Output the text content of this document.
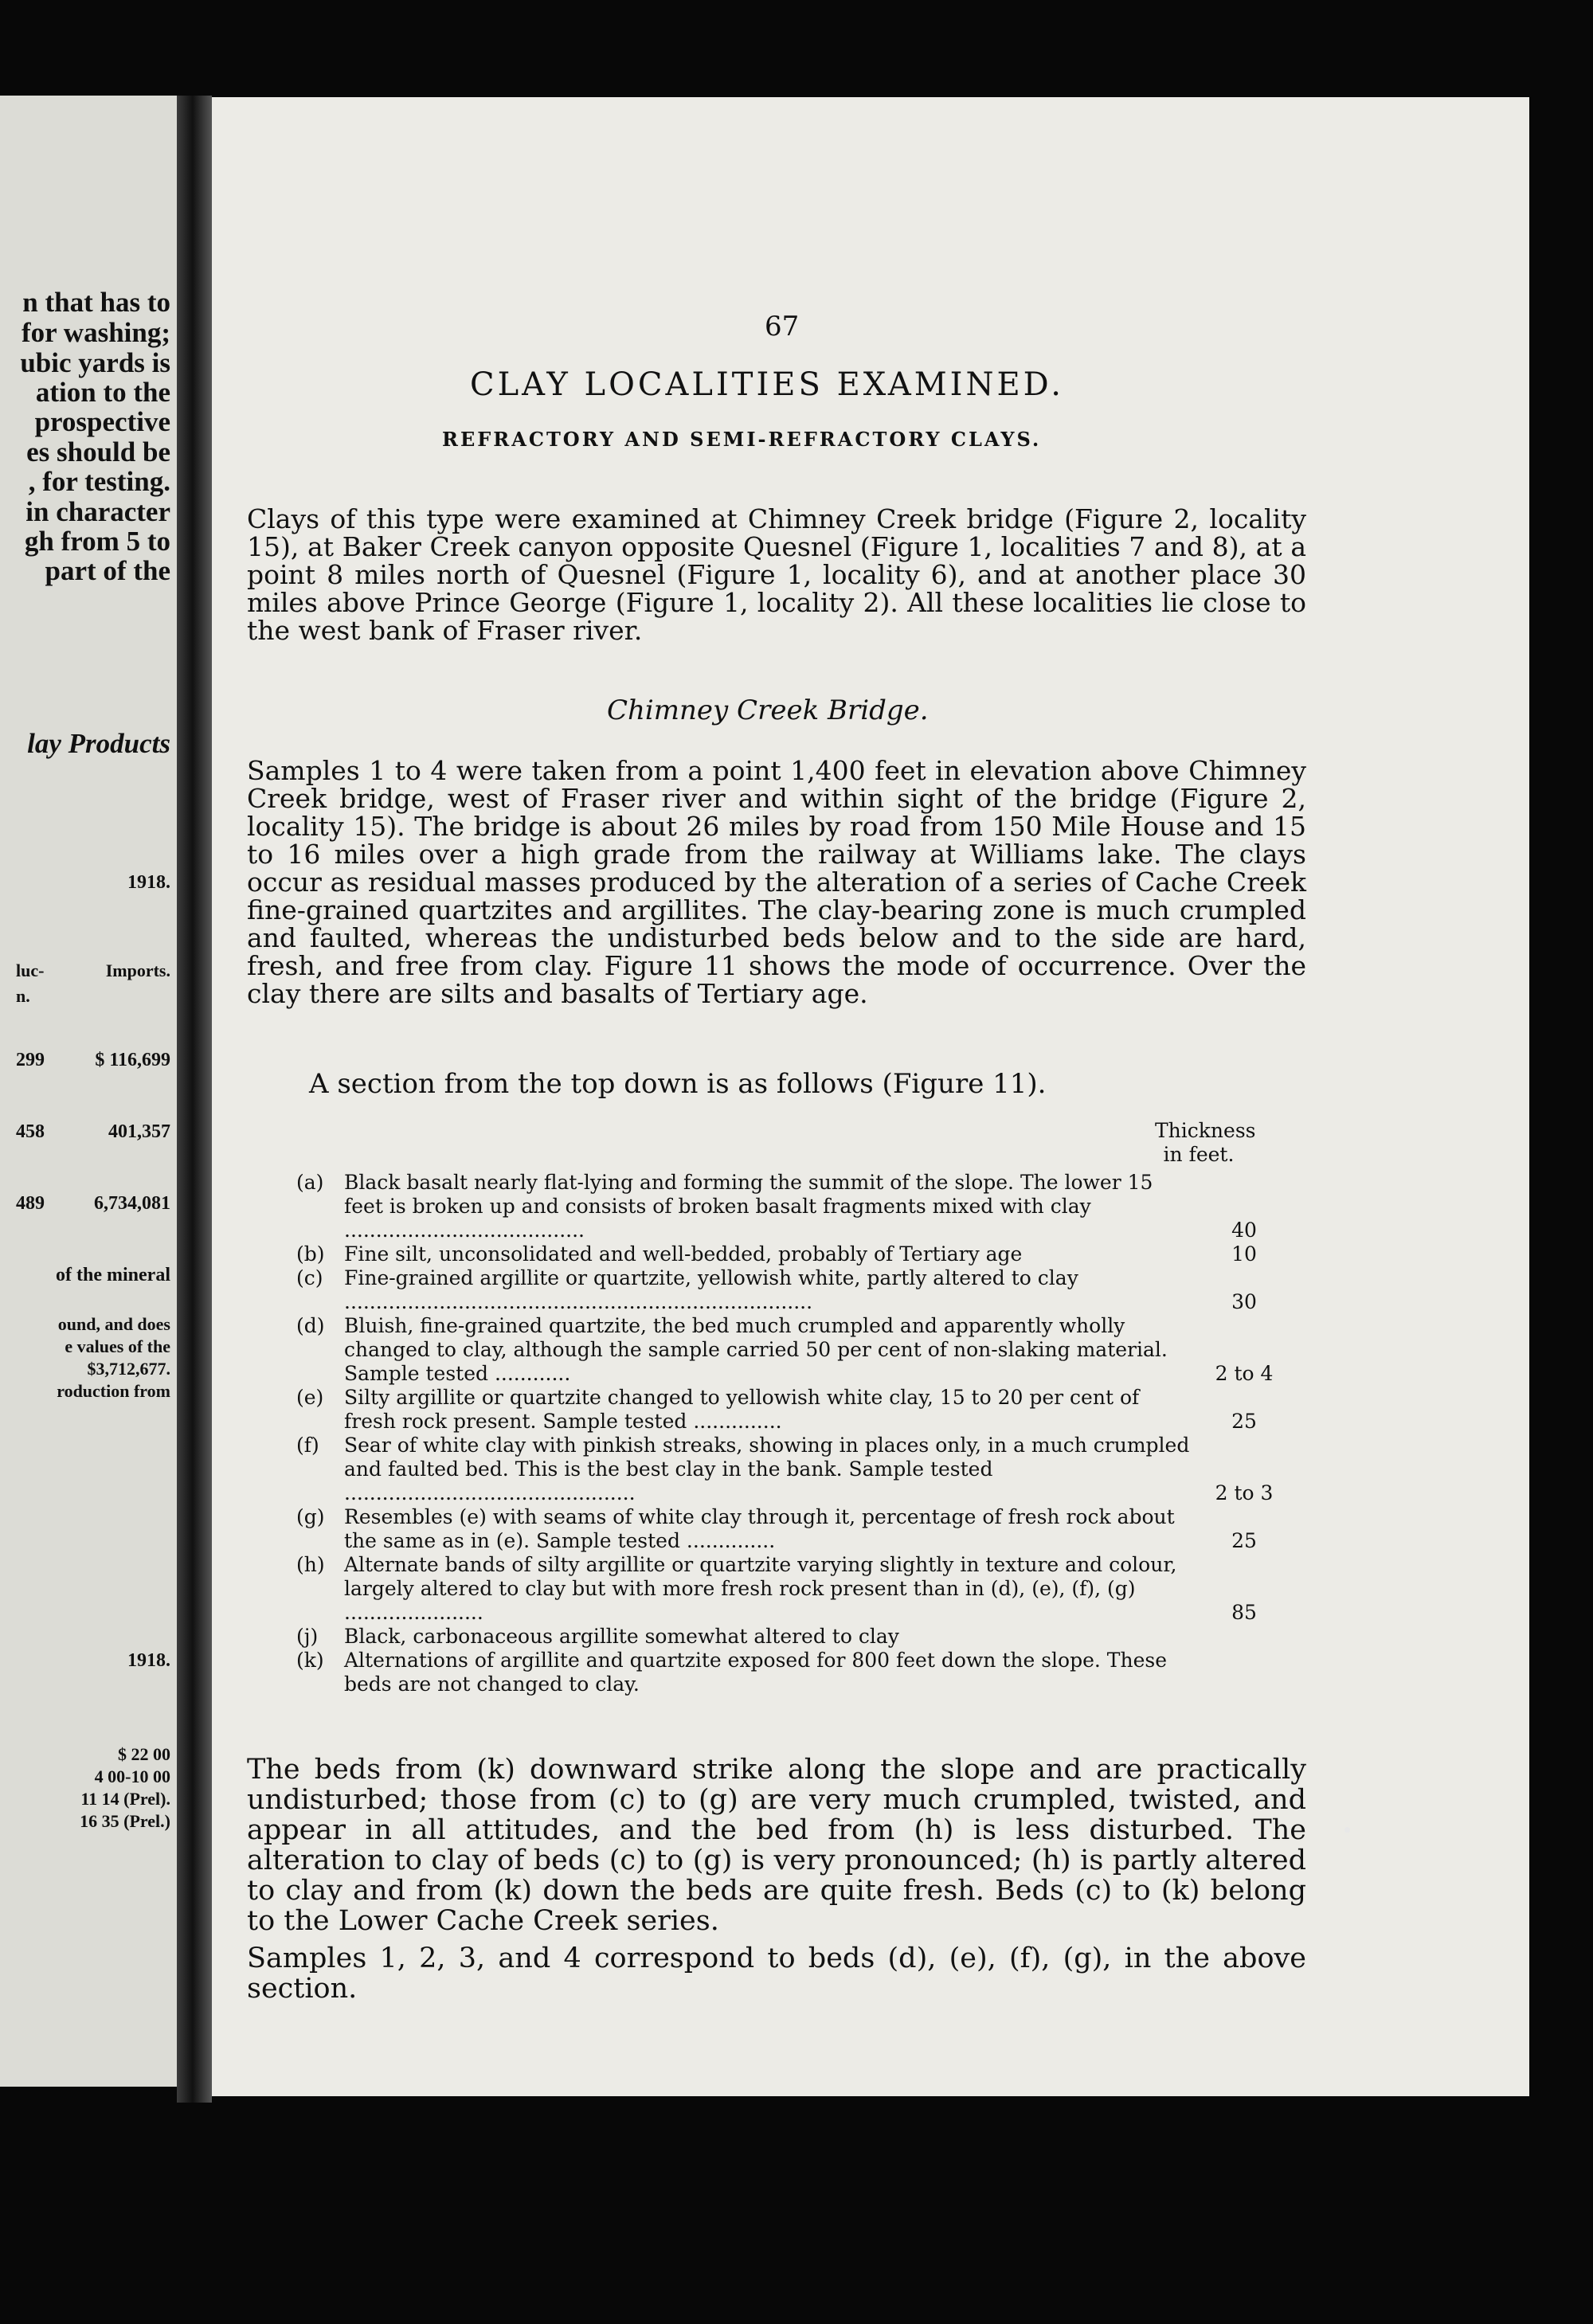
n that has to
for washing;
ubic yards is
ation to the
prospective
es should be
, for testing.
in character
gh from 5 to
part of the
lay Products
1918.
luc-	Imports.
n.
299	$ 116,699
458	401,357
489	6,734,081
of the mineral
ound, and does
e values of the
$3,712,677.
roduction from
1918.
$ 22 00
4 00-10 00
11 14 (Prel).
16 35 (Prel.)
67
CLAY LOCALITIES EXAMINED.
REFRACTORY AND SEMI-REFRACTORY CLAYS.

Clays of this type were examined at Chimney Creek bridge (Figure 2, locality 15), at Baker Creek canyon opposite Quesnel (Figure 1, localities 7 and 8), at a point 8 miles north of Quesnel (Figure 1, locality 6), and at another place 30 miles above Prince George (Figure 1, locality 2). All these localities lie close to the west bank of Fraser river.

Chimney Creek Bridge.

Samples 1 to 4 were taken from a point 1,400 feet in elevation above Chimney Creek bridge, west of Fraser river and within sight of the bridge (Figure 2, locality 15). The bridge is about 26 miles by road from 150 Mile House and 15 to 16 miles over a high grade from the railway at Williams lake. The clays occur as residual masses produced by the alteration of a series of Cache Creek fine-grained quartzites and argillites. The clay-bearing zone is much crumpled and faulted, whereas the undisturbed beds below and to the side are hard, fresh, and free from clay. Figure 11 shows the mode of occurrence. Over the clay there are silts and basalts of Tertiary age.

A section from the top down is as follows (Figure 11).
Thickness in feet.
(a) Black basalt nearly flat-lying and forming the summit of the slope. The lower 15 feet is broken up and consists of broken basalt fragments mixed with clay ......................................	40
(b) Fine silt, unconsolidated and well-bedded, probably of Tertiary age	10
(c) Fine-grained argillite or quartzite, yellowish white, partly altered to clay ..........................................................................	30
(d) Bluish, fine-grained quartzite, the bed much crumpled and apparently wholly changed to clay, although the sample carried 50 per cent of non-slaking material. Sample tested ............	2 to 4
(e) Silty argillite or quartzite changed to yellowish white clay, 15 to 20 per cent of fresh rock present. Sample tested ..............	25
(f) Sear of white clay with pinkish streaks, showing in places only, in a much crumpled and faulted bed. This is the best clay in the bank. Sample tested ..............................................	2 to 3
(g) Resembles (e) with seams of white clay through it, percentage of fresh rock about the same as in (e). Sample tested ..............	25
(h) Alternate bands of silty argillite or quartzite varying slightly in texture and colour, largely altered to clay but with more fresh rock present than in (d), (e), (f), (g) ......................	85
(j) Black, carbonaceous argillite somewhat altered to clay
(k) Alternations of argillite and quartzite exposed for 800 feet down the slope. These beds are not changed to clay.

The beds from (k) downward strike along the slope and are practically undisturbed; those from (c) to (g) are very much crumpled, twisted, and appear in all attitudes, and the bed from (h) is less disturbed. The alteration to clay of beds (c) to (g) is very pronounced; (h) is partly altered to clay and from (k) down the beds are quite fresh. Beds (c) to (k) belong to the Lower Cache Creek series.

Samples 1, 2, 3, and 4 correspond to beds (d), (e), (f), (g), in the above section.
